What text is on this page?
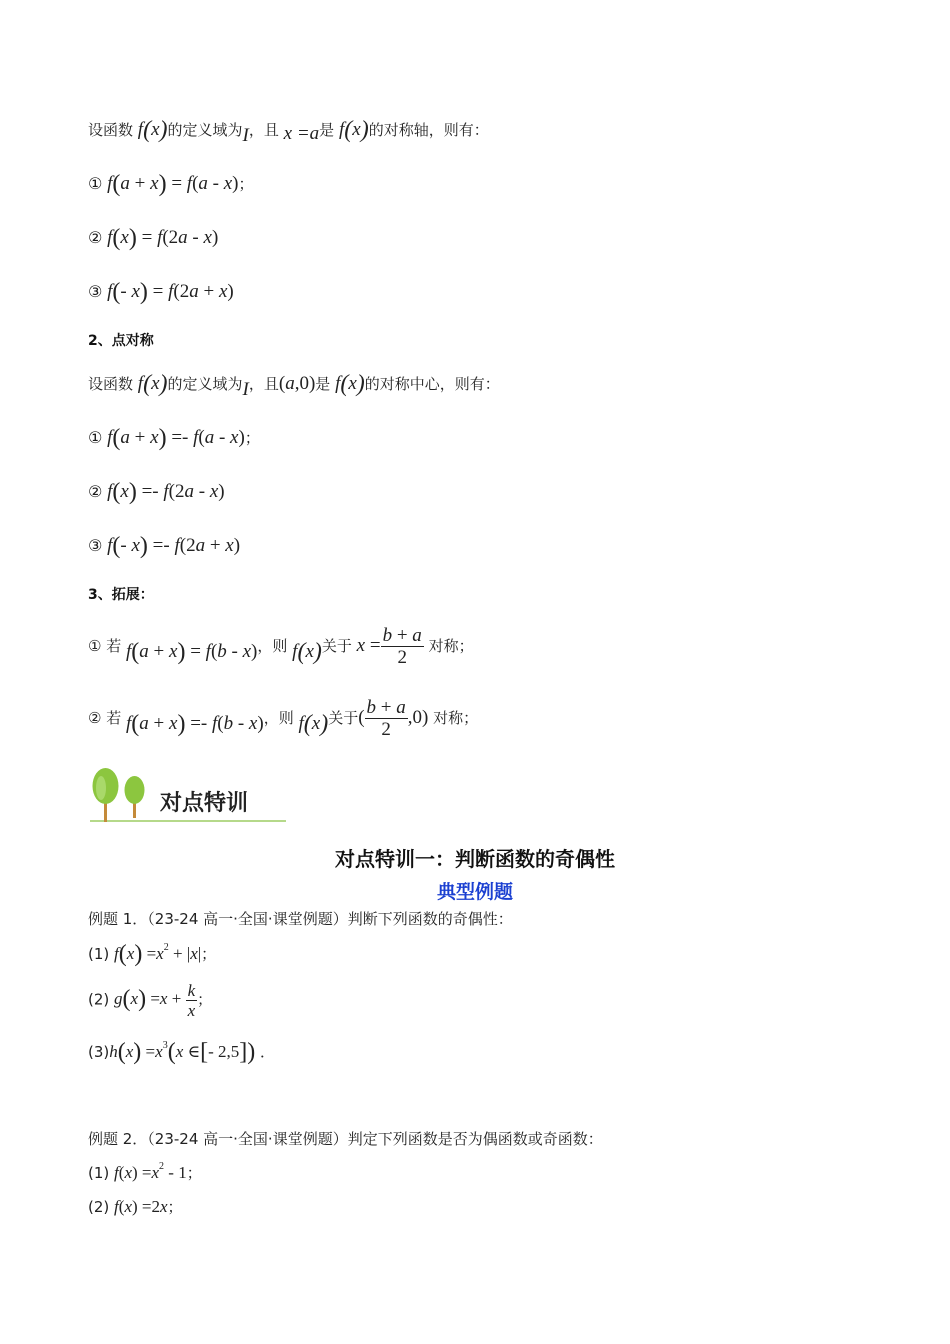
设函数 f(x)的定义域为I，且 x =a是 f(x)的对称轴，则有：
① f(a + x) = f(a - x)；
② f(x) = f(2a - x)
③ f(- x) = f(2a + x)
2、点对称
设函数 f(x)的定义域为I，且(a,0)是 f(x)的对称中心，则有：
① f(a + x) =- f(a - x)；
② f(x) =- f(2a - x)
③ f(- x) =- f(2a + x)
3、拓展：
① 若 f(a + x) = f(b - x)，则 f(x)关于 $x = \frac{b + a}{2}$ 对称；
② 若 f(a + x) =- f(b - x)，则 f(x)关于( $\frac{b + a}{2} ,0$) 对称；
对点特训
对点特训一：判断函数的奇偶性
典型例题
例题 1．（23-24 高一·全国·课堂例题）判断下列函数的奇偶性：
(1) $f(x) =x^2 + |x|$；
(2) $g(x) =x + \frac{k}{x}$ ；
$(3)h(x) =x^3(x$ ∈[- 2,5]) ．
例题 2．（23-24 高一·全国·课堂例题）判定下列函数是否为偶函数或奇函数：
(1) $f(x) =x^2 - 1$；
(2) f(x) =2x；
